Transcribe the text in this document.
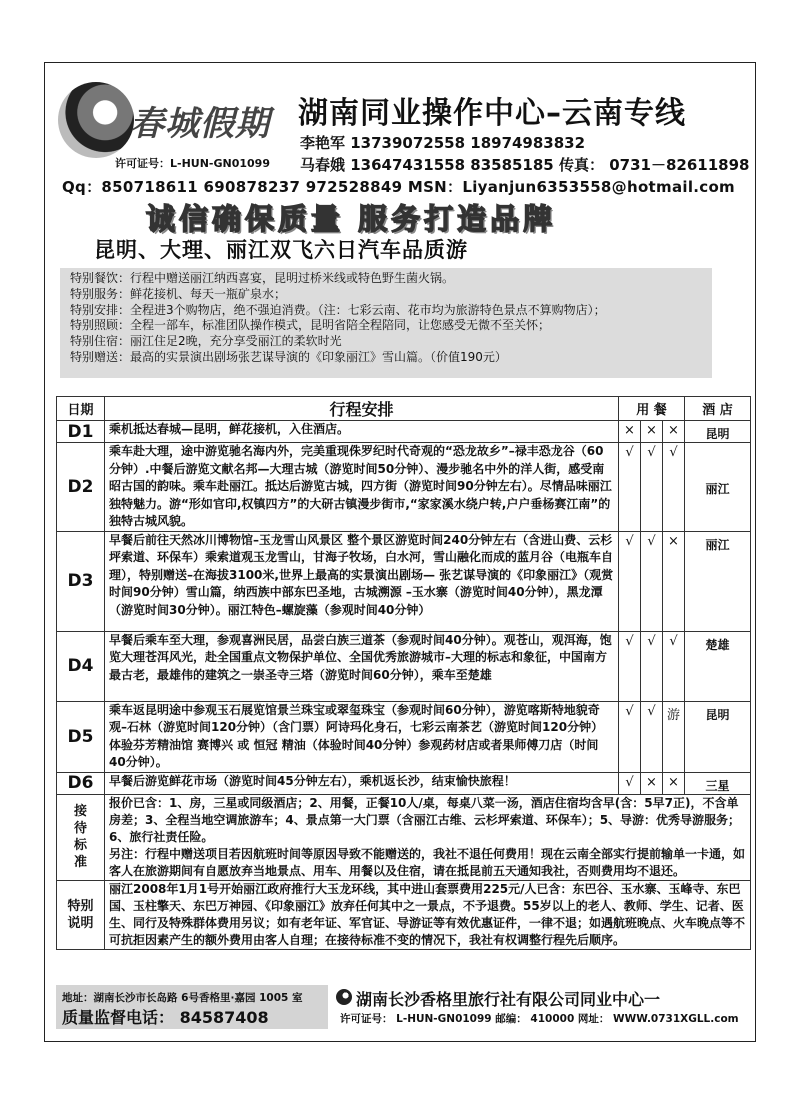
春城假期
许可证号：L-HUN-GN01099
湖南同业操作中心–云南专线
李艳军 13739072558 18974983832
马春娥 13647431558 83585185 传真： 0731－82611898
Qq：850718611 690878237 972528849 MSN：Liyanjun6353558@hotmail.com
诚信确保质量 服务打造品牌
昆明、大理、丽江双飞六日汽车品质游
特别餐饮：行程中赠送丽江纳西喜宴，昆明过桥米线或特色野生菌火锅。
特别服务：鲜花接机、每天一瓶矿泉水；
特别安排：全程进3个购物店，绝不强迫消费。（注：七彩云南、花市均为旅游特色景点不算购物店）；
特别照顾：全程一部车，标准团队操作模式，昆明省陪全程陪同，让您感受无微不至关怀；
特别住宿：丽江住足2晚，充分享受丽江的柔软时光
特别赠送：最高的实景演出剧场张艺谋导演的《印象丽江》雪山篇。（价值190元）
日期	行程安排	用 餐			酒 店
D1	乘机抵达春城—昆明，鲜花接机，入住酒店。	×	×	×	昆明
D2	乘车赴大理，途中游览驰名海内外，完美重现侏罗纪时代奇观的“恐龙故乡”–禄丰恐龙谷（60分钟）.中餐后游览文献名邦—大理古城（游览时间50分钟）、漫步驰名中外的洋人街，感受南昭古国的韵味。乘车赴丽江。抵达后游览古城，四方街（游览时间90分钟左右）。尽情品味丽江独特魅力。游“形如官印,权镇四方”的大研古镇漫步街市,“家家溪水绕户转,户户垂杨赛江南”的独特古城风貌。	√	√	√	丽江
D3	早餐后前往天然冰川博物馆–玉龙雪山风景区 整个景区游览时间240分钟左右（含进山费、云杉坪索道、环保车）乘索道观玉龙雪山，甘海子牧场，白水河，雪山融化而成的蓝月谷（电瓶车自理），特别赠送–在海拔3100米,世界上最高的实景演出剧场— 张艺谋导演的《印象丽江》（观赏时间90分钟）雪山篇，纳西族中部东巴圣地，古城溯源 –玉水寨（游览时间40分钟），黑龙潭（游览时间30分钟）。丽江特色–螺旋藻（参观时间40分钟）	√	√	×	丽江
D4	早餐后乘车至大理，参观喜洲民居，品尝白族三道茶（参观时间40分钟）。观苍山，观洱海，饱览大理苍洱风光，赴全国重点文物保护单位、全国优秀旅游城市–大理的标志和象征，中国南方最古老，最雄伟的建筑之一崇圣寺三塔（游览时间60分钟），乘车至楚雄	√	√	√	楚雄
D5	乘车返昆明途中参观玉石展览馆景兰珠宝或翠玺珠宝（参观时间60分钟），游览喀斯特地貌奇观–石林（游览时间120分钟）（含门票）阿诗玛化身石，七彩云南茶艺（游览时间120分钟）体验芬芳精油馆 赛博兴 或 恒冠 精油（体验时间40分钟）参观药材店或者果师傅刀店（时间40分钟）。	√	√	游	昆明
D6	早餐后游览鲜花市场（游览时间45分钟左右），乘机返长沙，结束愉快旅程！	√	×	×	三星

接待标准	报价已含：1、房，三星或同级酒店；2、用餐，正餐10人/桌，每桌八菜一汤，酒店住宿均含早(含：5早7正)，不含单房差；3、全程当地空调旅游车；4、景点第一大门票（含丽江古维、云杉坪索道、环保车）；5、导游：优秀导游服务；6、旅行社责任险。
另注：行程中赠送项目若因航班时间等原因导致不能赠送的，我社不退任何费用！现在云南全部实行提前输单一卡通，如客人在旅游期间有自愿放弃当地景点、用车、用餐以及住宿，请在抵昆前五天通知我社，否则费用均不退还。				

特别说明	丽江2008年1月1号开始丽江政府推行大玉龙环线，其中进山套票费用225元/人已含：东巴谷、玉水寨、玉峰寺、东巴国、玉柱擎天、东巴万神园、《印象丽江》放弃任何其中之一景点，不予退费。55岁以上的老人、教师、学生、记者、医生、同行及特殊群体费用另议；如有老年证、军官证、导游证等有效优惠证件，一律不退；如遇航班晚点、火车晚点等不可抗拒因素产生的额外费用由客人自理；在接待标准不变的情况下，我社有权调整行程先后顺序。				
地址：湖南长沙市长岛路 6号香格里·嘉园 1005 室
质量监督电话： 84587408
湖南长沙香格里旅行社有限公司同业中心一
许可证号： L-HUN-GN01099 邮编： 410000 网址： WWW.0731XGLL.com
